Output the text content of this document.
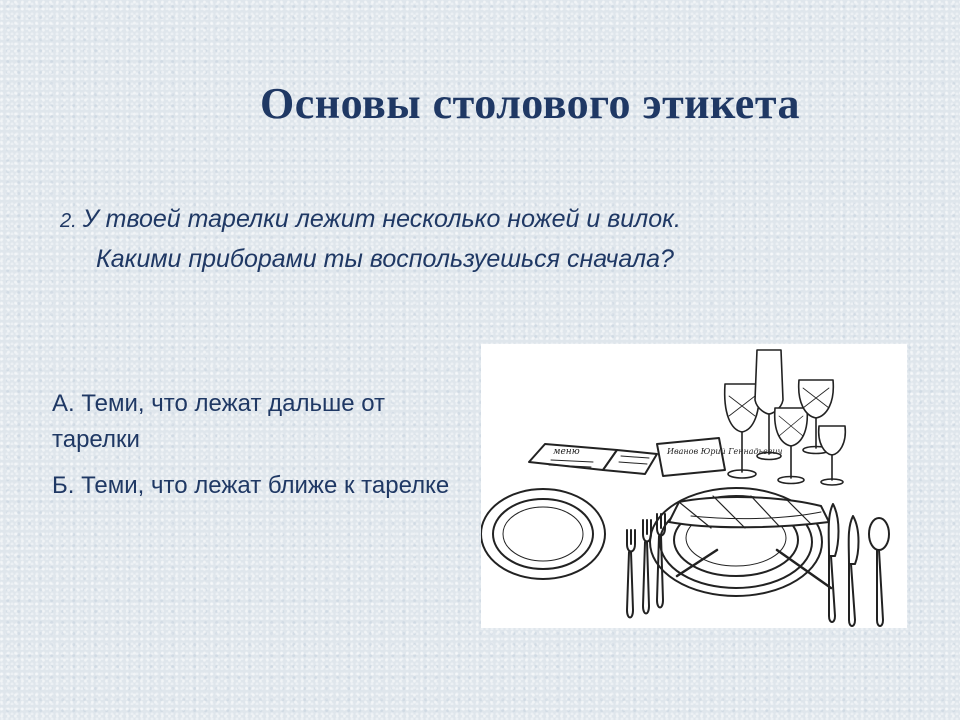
Основы столового этикета
2. У твоей тарелки лежит несколько ножей и вилок.
Какими приборами ты воспользуешься сначала?

А. Теми, что лежат дальше от тарелки

Б. Теми, что лежат ближе к тарелке

меню	Иванов Юрий Геннадьевич
